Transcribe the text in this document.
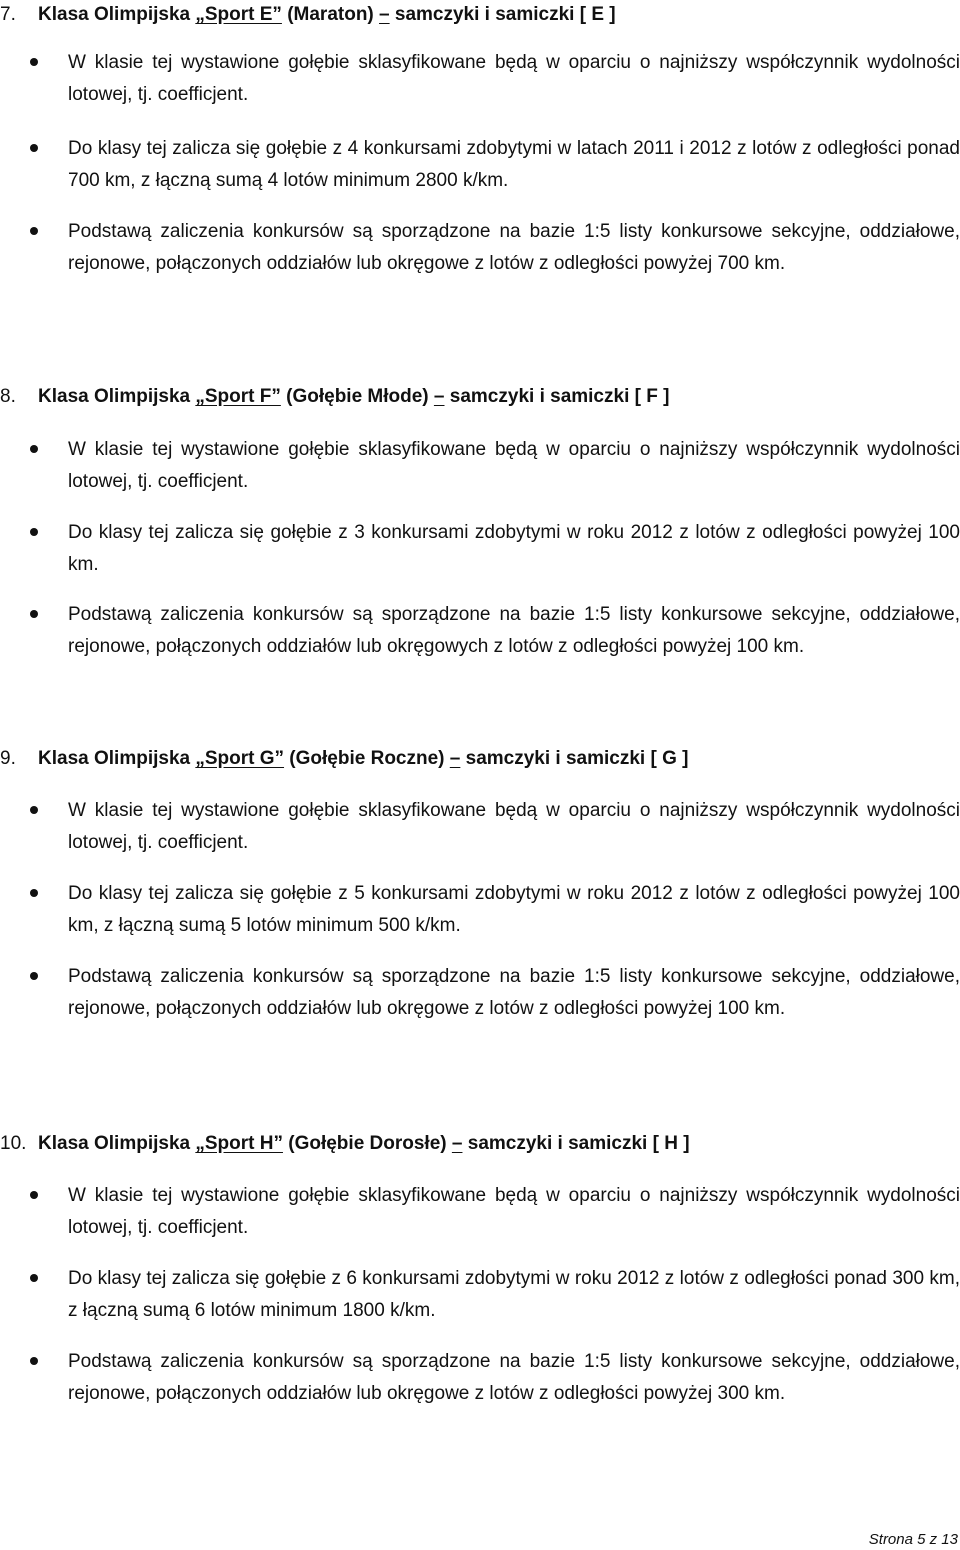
7. Klasa Olimpijska „Sport E” (Maraton) – samczyki i samiczki [ E ]
W klasie tej wystawione gołębie sklasyfikowane będą w oparciu o najniższy współczynnik wydolności lotowej, tj. coefficjent.
Do klasy tej zalicza się gołębie z 4 konkursami zdobytymi w latach 2011 i 2012 z lotów z odległości ponad 700 km, z łączną sumą 4 lotów minimum 2800 k/km.
Podstawą zaliczenia konkursów są sporządzone na bazie 1:5 listy konkursowe sekcyjne, oddziałowe, rejonowe, połączonych oddziałów lub okręgowe z lotów z odległości powyżej 700 km.
8. Klasa Olimpijska „Sport F” (Gołębie Młode) – samczyki i samiczki [ F ]
W klasie tej wystawione gołębie sklasyfikowane będą w oparciu o najniższy współczynnik wydolności lotowej, tj. coefficjent.
Do klasy tej zalicza się gołębie z 3 konkursami zdobytymi w roku 2012 z lotów z odległości powyżej 100 km.
Podstawą zaliczenia konkursów są sporządzone na bazie 1:5 listy konkursowe sekcyjne, oddziałowe, rejonowe, połączonych oddziałów lub okręgowych z lotów z odległości powyżej 100 km.
9. Klasa Olimpijska „Sport G” (Gołębie Roczne) – samczyki i samiczki [ G ]
W klasie tej wystawione gołębie sklasyfikowane będą w oparciu o najniższy współczynnik wydolności lotowej, tj. coefficjent.
Do klasy tej zalicza się gołębie z 5 konkursami zdobytymi w roku 2012 z lotów z odległości powyżej 100 km, z łączną sumą 5 lotów minimum 500 k/km.
Podstawą zaliczenia konkursów są sporządzone na bazie 1:5 listy konkursowe sekcyjne, oddziałowe, rejonowe, połączonych oddziałów lub okręgowe z lotów z odległości powyżej 100 km.
10. Klasa Olimpijska „Sport H” (Gołębie Dorosłe) – samczyki i samiczki [ H ]
W klasie tej wystawione gołębie sklasyfikowane będą w oparciu o najniższy współczynnik wydolności lotowej, tj. coefficjent.
Do klasy tej zalicza się gołębie z 6 konkursami zdobytymi w roku 2012 z lotów z odległości ponad 300 km, z łączną sumą 6 lotów minimum 1800 k/km.
Podstawą zaliczenia konkursów są sporządzone na bazie 1:5 listy konkursowe sekcyjne, oddziałowe, rejonowe, połączonych oddziałów lub okręgowe z lotów z odległości powyżej 300 km.
Strona 5 z 13
